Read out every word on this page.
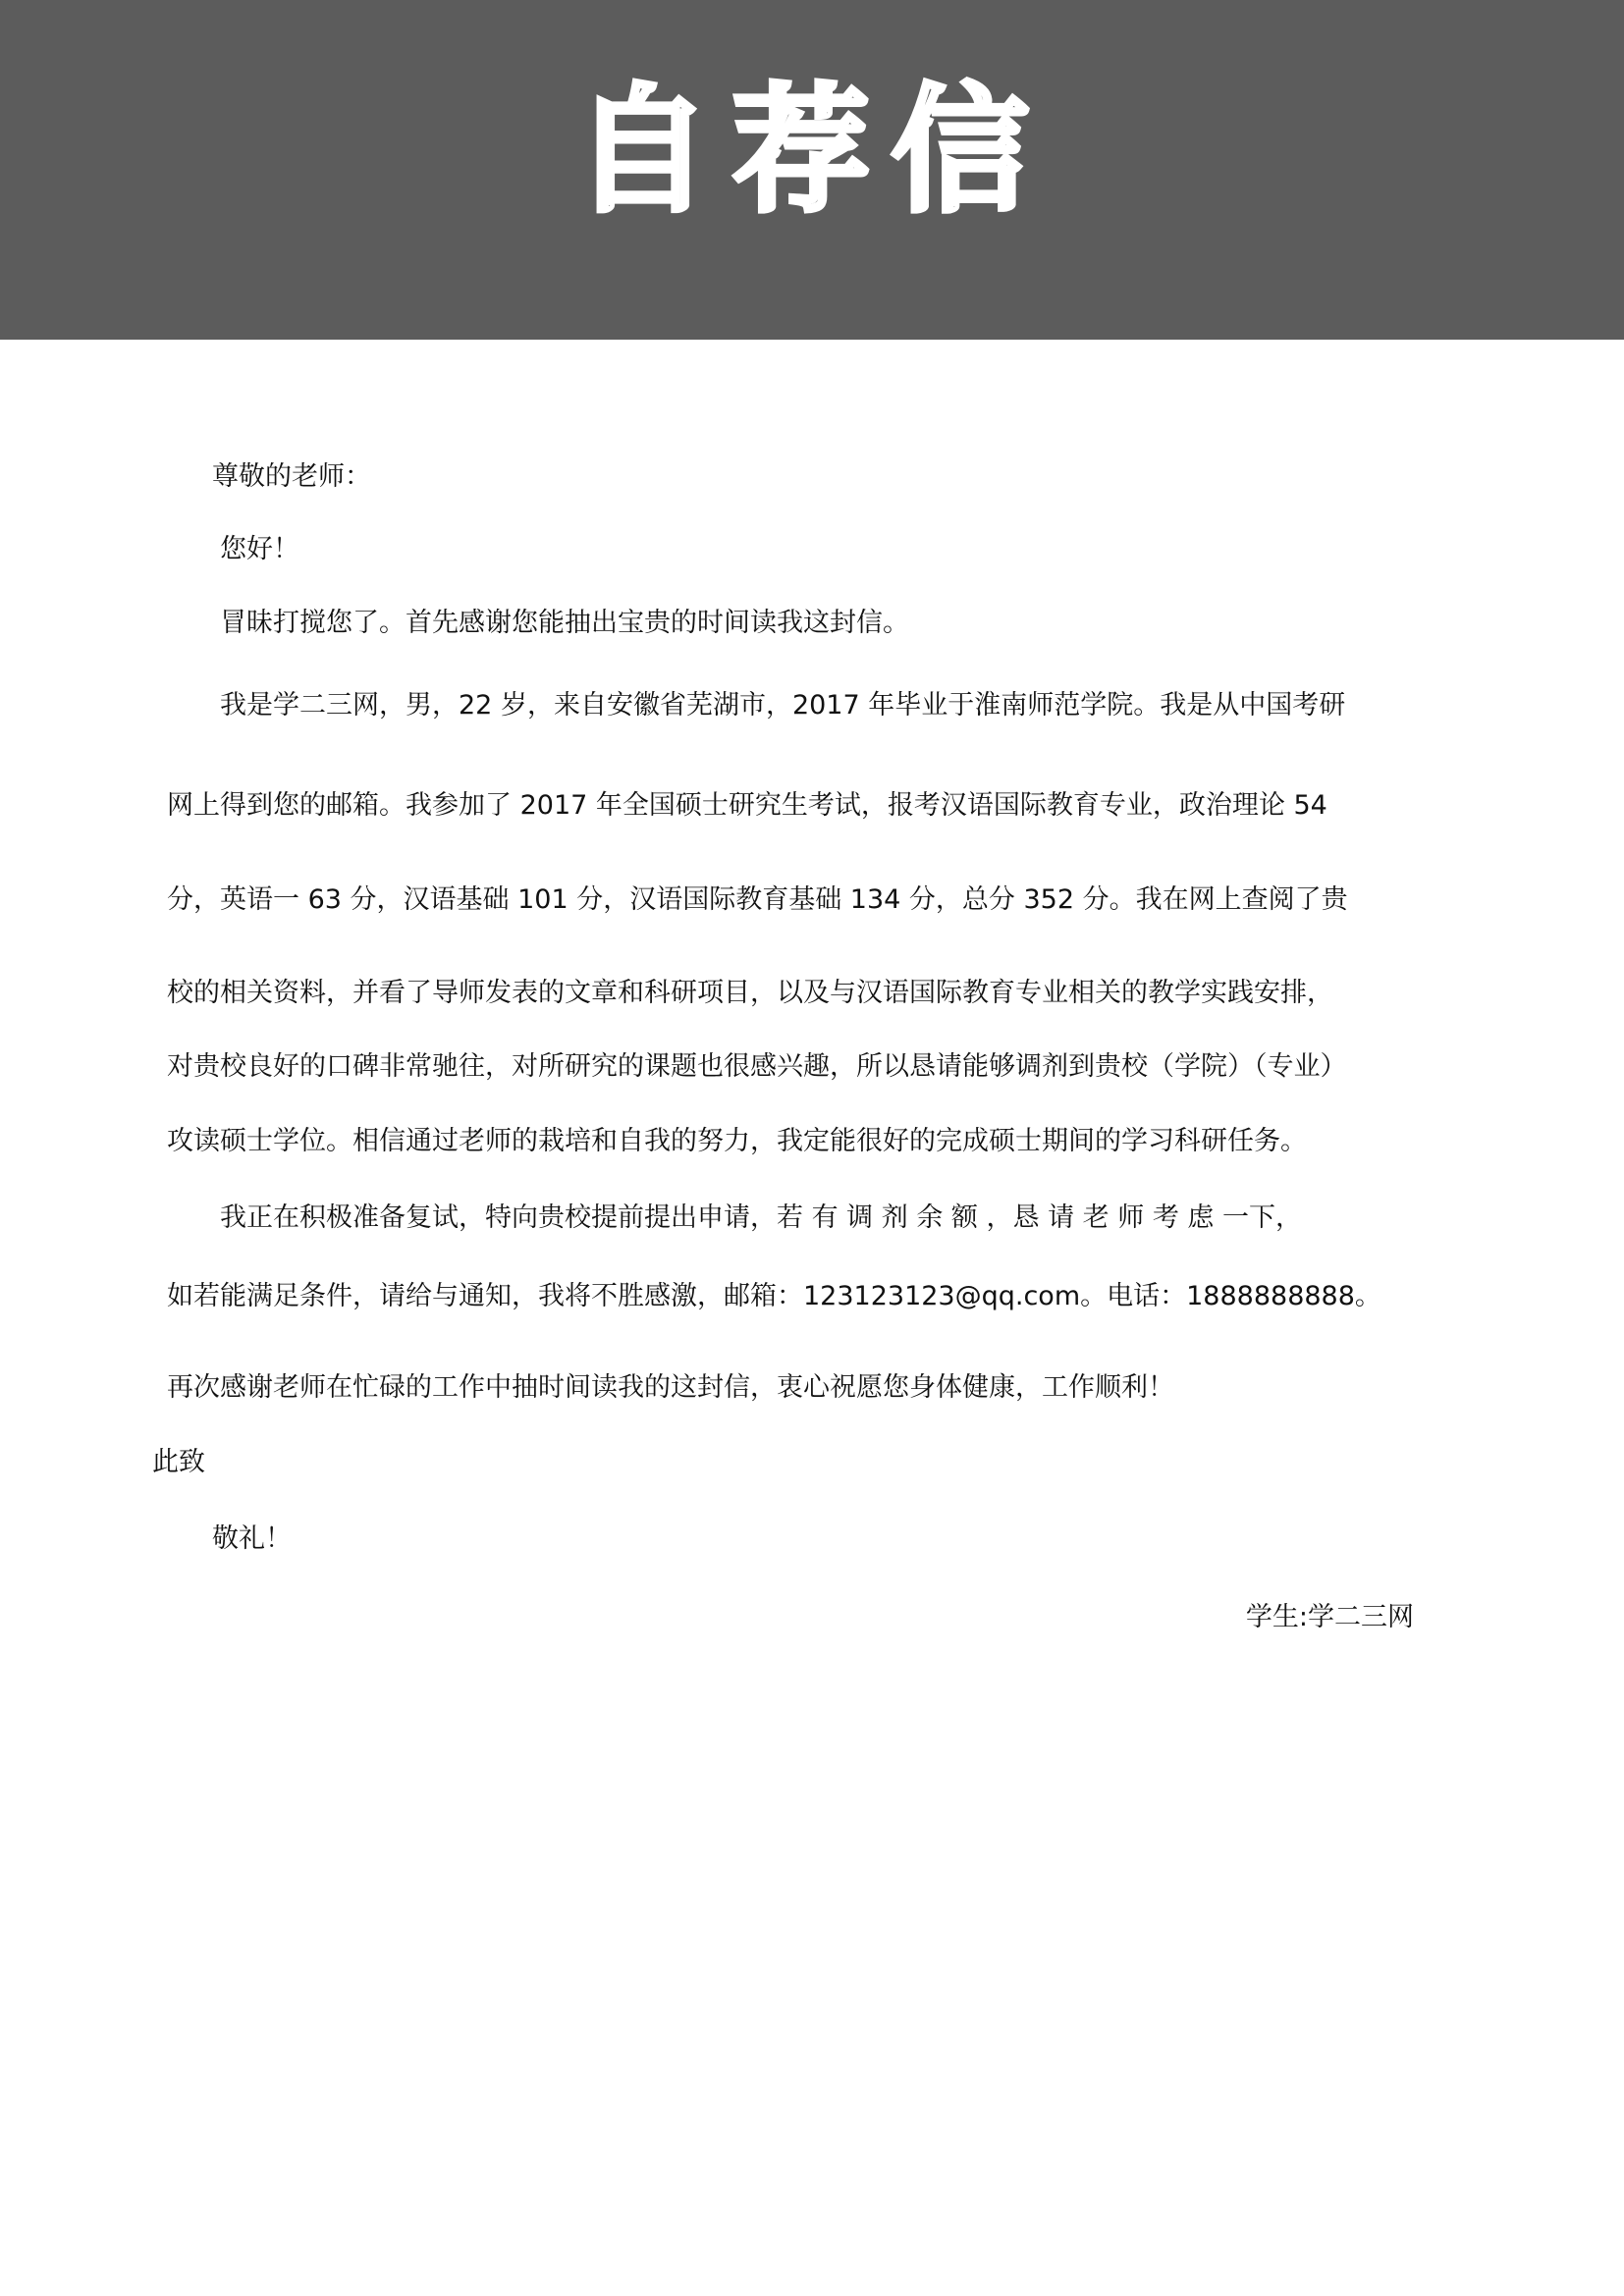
自荐信
尊敬的老师：
您好！
冒昧打搅您了。首先感谢您能抽出宝贵的时间读我这封信。
我是学二三网，男，22 岁，来自安徽省芜湖市，2017 年毕业于淮南师范学院。我是从中国考研
网上得到您的邮箱。我参加了 2017 年全国硕士研究生考试，报考汉语国际教育专业，政治理论 54
分，英语一 63 分，汉语基础 101 分，汉语国际教育基础 134 分，总分 352 分。我在网上查阅了贵
校的相关资料，并看了导师发表的文章和科研项目，以及与汉语国际教育专业相关的教学实践安排，
对贵校良好的口碑非常驰往，对所研究的课题也很感兴趣，所以恳请能够调剂到贵校（学院）（专业）
攻读硕士学位。相信通过老师的栽培和自我的努力，我定能很好的完成硕士期间的学习科研任务。
我正在积极准备复试，特向贵校提前提出申请，若 有 调 剂 余 额 ，恳 请 老 师 考 虑 一下，
如若能满足条件，请给与通知，我将不胜感激，邮箱：123123123@qq.com。电话：1888888888。
再次感谢老师在忙碌的工作中抽时间读我的这封信，衷心祝愿您身体健康，工作顺利！
此致
敬礼！
学生:学二三网
